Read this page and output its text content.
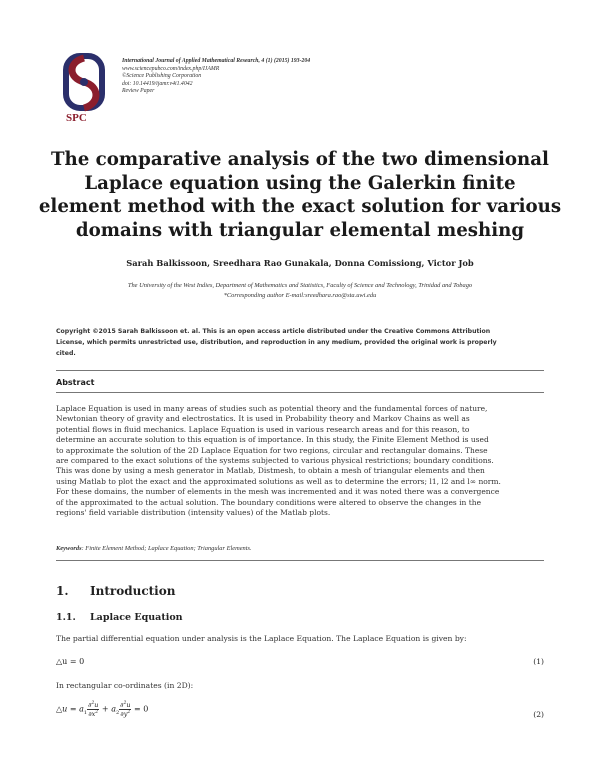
SPC
International Journal of Applied Mathematical Research, 4 (1) (2015) 193-204
www.sciencepubco.com/index.php/IJAMR
©Science Publishing Corporation
doi: 10.14419/ijamr.v4i1.4042
Review Paper
The comparative analysis of the two dimensional
Laplace equation using the Galerkin finite
element method with the exact solution for various
domains with triangular elemental meshing
Sarah Balkissoon, Sreedhara Rao Gunakala, Donna Comissiong, Victor Job
The University of the West Indies, Department of Mathematics and Statistics, Faculty of Science and Technology, Trinidad and Tobago
*Corresponding author E-mail:sreedhara.rao@sta.uwi.edu
Copyright ©2015 Sarah Balkissoon et. al. This is an open access article distributed under the Creative Commons Attribution
License, which permits unrestricted use, distribution, and reproduction in any medium, provided the original work is properly
cited.
Abstract
Laplace Equation is used in many areas of studies such as potential theory and the fundamental forces of nature,
Newtonian theory of gravity and electrostatics. It is used in Probability theory and Markov Chains as well as
potential flows in fluid mechanics. Laplace Equation is used in various research areas and for this reason, to
determine an accurate solution to this equation is of importance. In this study, the Finite Element Method is used
to approximate the solution of the 2D Laplace Equation for two regions, circular and rectangular domains. These
are compared to the exact solutions of the systems subjected to various physical restrictions; boundary conditions.
This was done by using a mesh generator in Matlab, Distmesh, to obtain a mesh of triangular elements and then
using Matlab to plot the exact and the approximated solutions as well as to determine the errors; l1, l2 and l∞ norm.
For these domains, the number of elements in the mesh was incremented and it was noted there was a convergence
of the approximated to the actual solution. The boundary conditions were altered to observe the changes in the
regions' field variable distribution (intensity values) of the Matlab plots.
Keywords: Finite Element Method; Laplace Equation; Triangular Elements.
1. Introduction
1.1. Laplace Equation
The partial differential equation under analysis is the Laplace Equation. The Laplace Equation is given by:
△u = 0	(1)
In rectangular co-ordinates (in 2D):
△u = $a_1 \frac{\partial^2u}{\partial x^2} + a_2 \frac{\partial^2u}{\partial y^2} = 0$
(2)
